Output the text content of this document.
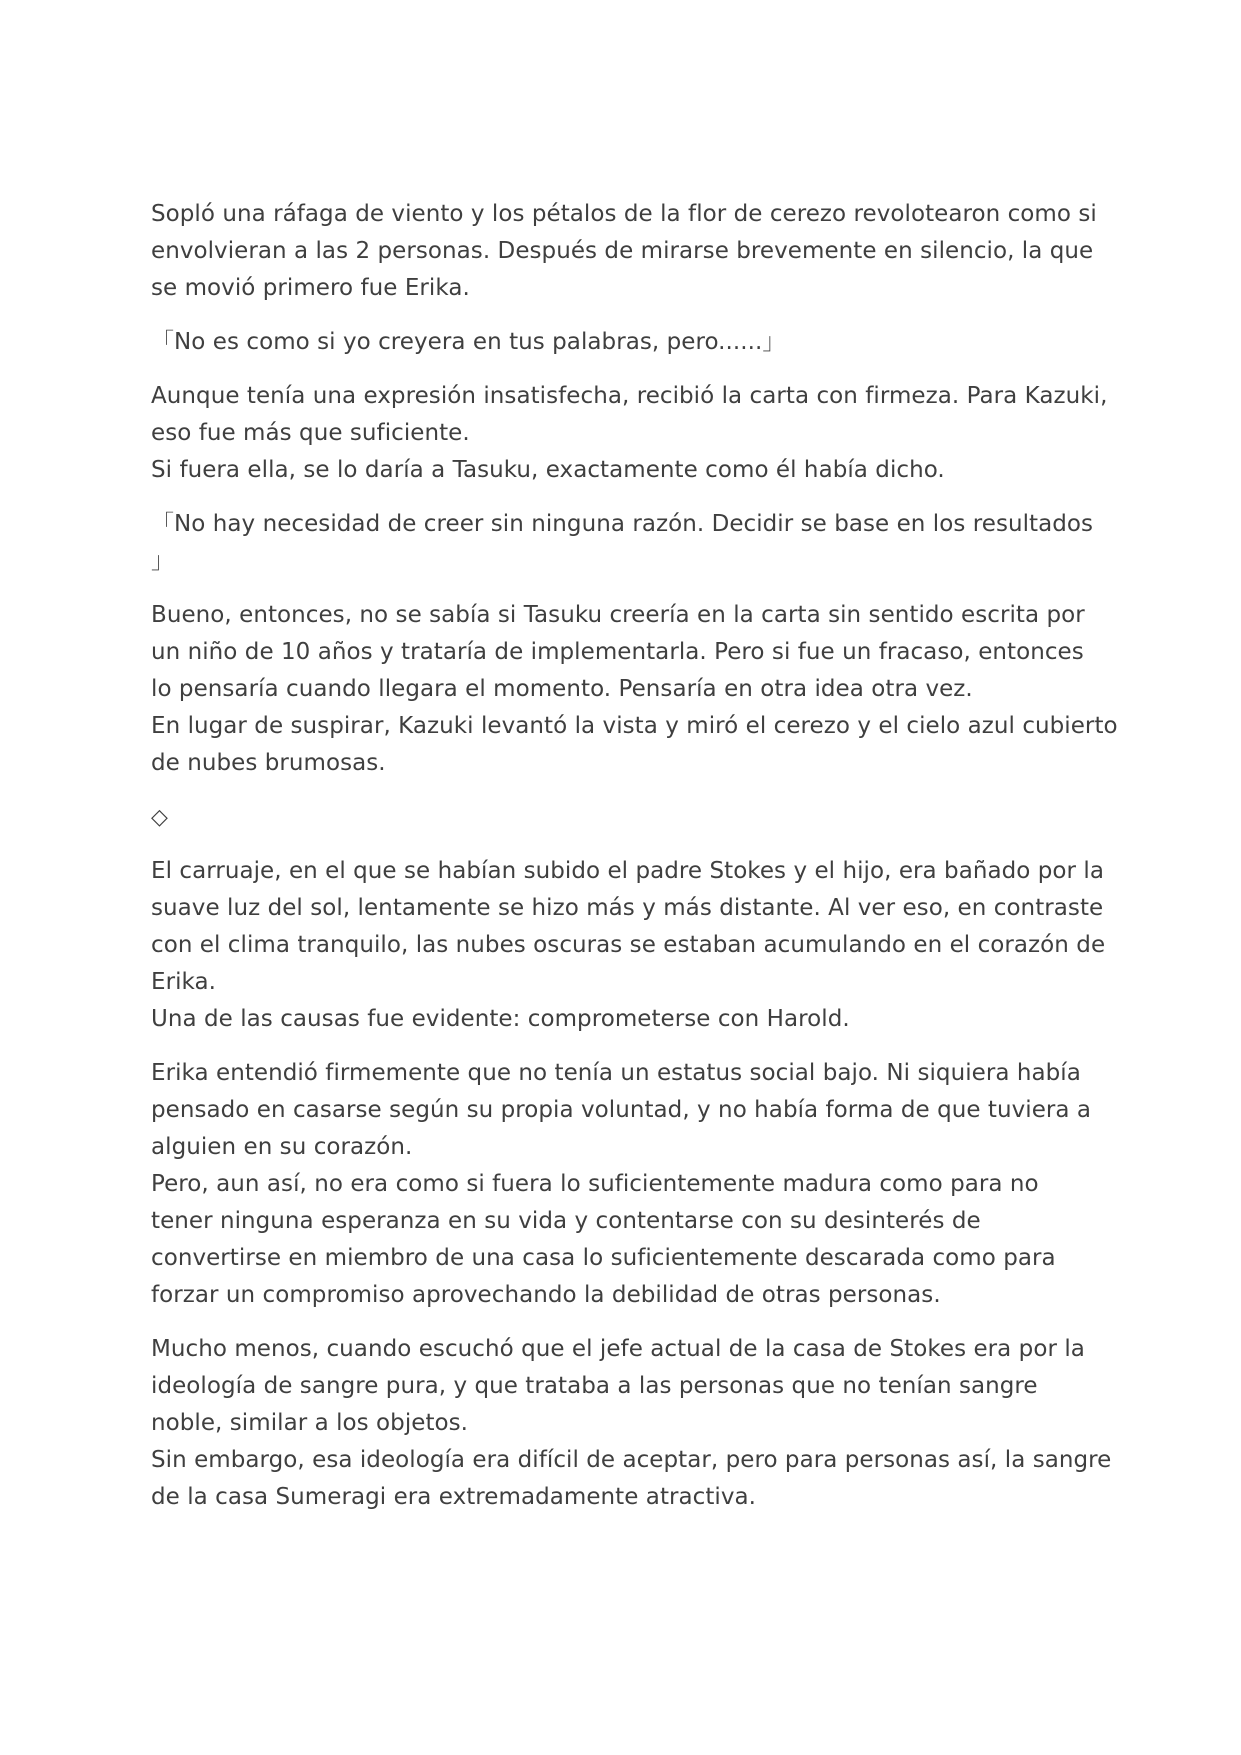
Sopló una ráfaga de viento y los pétalos de la flor de cerezo revolotearon como si
envolvieran a las 2 personas. Después de mirarse brevemente en silencio, la que
se movió primero fue Erika.

「No es como si yo creyera en tus palabras, pero......」

Aunque tenía una expresión insatisfecha, recibió la carta con firmeza. Para Kazuki,
eso fue más que suficiente.
Si fuera ella, se lo daría a Tasuku, exactamente como él había dicho.

「No hay necesidad de creer sin ninguna razón. Decidir se base en los resultados
」

Bueno, entonces, no se sabía si Tasuku creería en la carta sin sentido escrita por
un niño de 10 años y trataría de implementarla. Pero si fue un fracaso, entonces
lo pensaría cuando llegara el momento. Pensaría en otra idea otra vez.
En lugar de suspirar, Kazuki levantó la vista y miró el cerezo y el cielo azul cubierto
de nubes brumosas.

◇

El carruaje, en el que se habían subido el padre Stokes y el hijo, era bañado por la
suave luz del sol, lentamente se hizo más y más distante. Al ver eso, en contraste
con el clima tranquilo, las nubes oscuras se estaban acumulando en el corazón de
Erika.
Una de las causas fue evidente: comprometerse con Harold.

Erika entendió firmemente que no tenía un estatus social bajo. Ni siquiera había
pensado en casarse según su propia voluntad, y no había forma de que tuviera a
alguien en su corazón.
Pero, aun así, no era como si fuera lo suficientemente madura como para no
tener ninguna esperanza en su vida y contentarse con su desinterés de
convertirse en miembro de una casa lo suficientemente descarada como para
forzar un compromiso aprovechando la debilidad de otras personas.

Mucho menos, cuando escuchó que el jefe actual de la casa de Stokes era por la
ideología de sangre pura, y que trataba a las personas que no tenían sangre
noble, similar a los objetos.
Sin embargo, esa ideología era difícil de aceptar, pero para personas así, la sangre
de la casa Sumeragi era extremadamente atractiva.
